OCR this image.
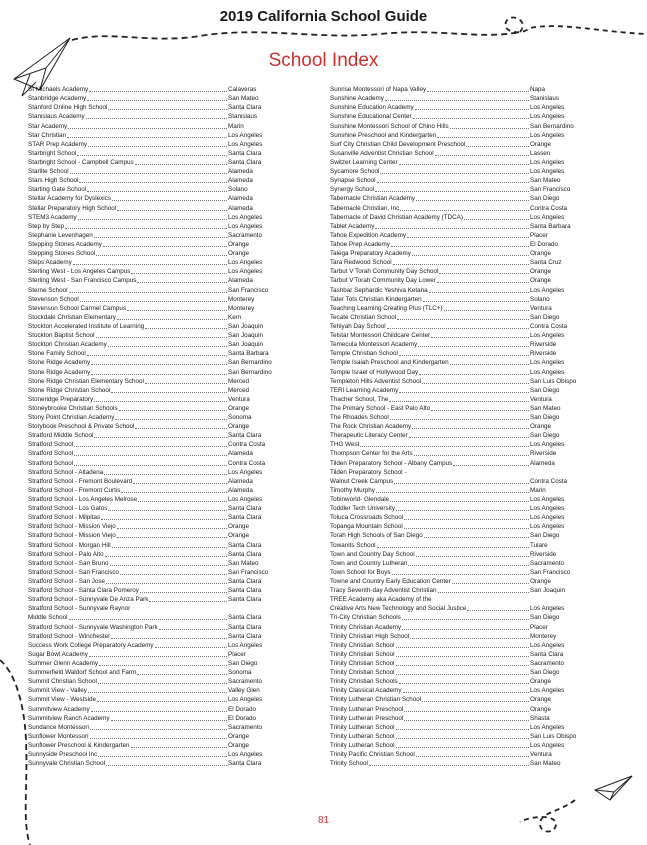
2019 California School Guide
School Index
St Michaels Academy	Calaveras
Stanbridge Academy	San Mateo
Stanford Online High School	Santa Clara
Stanislaus Academy	Stanislaus
Star Academy	Marin
Star Christian	Los Angeles
STAR Prep Academy	Los Angeles
Starbright School	Santa Clara
Starbright School - Campbell Campus	Santa Clara
Starlite School	Alameda
Stars High School	Alameda
Starting Gate School	Solano
Stellar Academy for Dyslexics	Alameda
Stellar Preparatory High School	Alameda
STEM3 Academy	Los Angeles
Step by Step	Los Angeles
Stephanie Levenhagen	Sacramento
Stepping Stones Academy	Orange
Stepping Stones School	Orange
Steps Academy	Los Angeles
Sterling West - Los Angeles Campus	Los Angeles
Sterling West - San Francisco Campus	Alameda
Sterne School	San Francisco
Stevenson School	Monterey
Stevenson School Carmel Campus	Monterey
Stockdale Christian Elementary	Kern
Stockton Accelerated Institute of Learning	San Joaquin
Stockton Baptist School	San Joaquin
Stockton Christian Academy	San Joaquin
Stone Family School	Santa Barbara
Stone Ridge Academy	San Bernardino
Stone Ridge Academy	San Bernardino
Stone Ridge Christian Elementary School	Merced
Stone Ridge Christian School	Merced
Stoneridge Preparatory	Ventura
Stoneybrooke Christian Schools	Orange
Stony Point Christian Academy	Sonoma
Storybook Preschool & Private School	Orange
Stratford Middle School	Santa Clara
Stratford School	Contra Costa
Stratford School	Alameda
Stratford School	Contra Costa
Stratford School - Altadena	Los Angeles
Stratford School - Fremont Boulevard	Alameda
Stratford School - Fremont Curtis	Alameda
Stratford School - Los Angeles Melrose	Los Angeles
Stratford School - Los Gatos	Santa Clara
Stratford School - Milpitas	Santa Clara
Stratford School - Mission Viejo	Orange
Stratford School - Mission Viejo	Orange
Stratford School - Morgan Hill	Santa Clara
Stratford School - Palo Alto	Santa Clara
Stratford School - San Bruno	San Mateo
Stratford School - San Francisco	San Francisco
Stratford School - San Jose	Santa Clara
Stratford School - Santa Clara Pomeroy	Santa Clara
Stratford School - Sunnyvale De Anza Park	Santa Clara
Stratford School - Sunnyvale Raynor
Middle School	Santa Clara
Stratford School - Sunnyvale Washington Park	Santa Clara
Stratford School - Winchester	Santa Clara
Success Work College Preparatory Academy	Los Angeles
Sugar Bowl Academy	Placer
Summer Glenn Academy	San Diego
Summerfield Waldorf School and Farm	Sonoma
Summit Christian School	Sacramento
Summit View - Valley	Valley Glen
Summit View - Westside	Los Angeles
Summitview Academy	El Dorado
Summitview Ranch Academy	El Dorado
Sundance Montessori	Sacramento
Sunflower Montessori	Orange
Sunflower Preschool & Kindergarten	Orange
Sunnyside Preschool Inc	Los Angeles
Sunnyvale Christian School	Santa Clara
Sunrise Montessori of Napa Valley	Napa
Sunshine Academy	Stanislaus
Sunshine Education Academy	Los Angeles
Sunshine Educational Center	Los Angeles
Sunshine Montessori School of Chino Hills	San Bernardino
Sunshine Preschool and Kindergarten	Los Angeles
Surf City Christian Child Development Preschool	Orange
Susanville Adventist Christian School	Lassen
Switzer Learning Center	Los Angeles
Sycamore School	Los Angeles
Synapse School	San Mateo
Synergy School	San Francisco
Tabernacle Christian Academy	San Diego
Tabernacle Christian, Inc	Contra Costa
Tabernacle of David Christian Academy (TDCA)	Los Angeles
Tablet Academy	Santa Barbara
Tahoe Expedition Academy	Placer
Tahoe Prep Academy	El Dorado
Talega Preparatory Academy	Orange
Tara Redwood School	Santa Cruz
Tarbut V Torah Community Day School	Orange
Tarbut V'Torah Community Day Lower	Orange
Tashbar Sephardic Yeshiva Ketana	Los Angeles
Tater Tots Christian Kindergarten	Solano
Teaching Learning Creating Plus (TLC+)	Ventura
Tecate Christian School	San Diego
Tehiyah Day School	Contra Costa
Telstar Montessori Childcare Center	Los Angeles
Temecula Montessori Academy	Riverside
Temple Christian School	Riverside
Temple Isaiah Preschool and Kindergarten	Los Angeles
Temple Israel of Hollywood Day	Los Angeles
Templeton Hills Adventist School	San Luis Obispo
TERI Learning Academy	San Diego
Thacher School, The	Ventura
The Primary School - East Palo Alto	San Mateo
The Rhoades School	San Diego
The Rock Christian Academy	Orange
Therapeutic Literacy Center	San Diego
THG West	Los Angeles
Thompson Center for the Arts	Riverside
Tilden Preparatory School - Albany Campus	Alameda
Tilden Preparatory School -
Walnut Creek Campus	Contra Costa
Timothy Murphy	Marin
Tobinworld- Glendale	Los Angeles
Toddler Tech University	Los Angeles
Toluca Crossroads School	Los Angeles
Topanga Mountain School	Los Angeles
Torah High Schools of San Diego	San Diego
Towanits School	Tulare
Town and Country Day School	Riverside
Town and Country Lutheran	Sacramento
Town School for Boys	San Francisco
Towne and Country Early Education Center	Orange
Tracy Seventh-day Adventist Christian	San Joaquin
TREE Academy aka Academy of the
Creative Arts New Technology and Social Justice	Los Angeles
Tri-City Christian Schools	San Diego
Trinity Christian Academy	Placer
Trinity Christian High School	Monterey
Trinity Christian School	Los Angeles
Trinity Christian School	Santa Clara
Trinity Christian School	Sacramento
Trinity Christian School	San Diego
Trinity Christian Schools	Orange
Trinity Classical Academy	Los Angeles
Trinity Lutheran Christian School	Orange
Trinity Lutheran Preschool	Orange
Trinity Lutheran Preschool	Shasta
Trinity Lutheran School	Los Angeles
Trinity Lutheran School	San Luis Obispo
Trinity Lutheran School	Los Angeles
Trinity Pacific Christian School	Ventura
Trinity School	San Mateo
81
